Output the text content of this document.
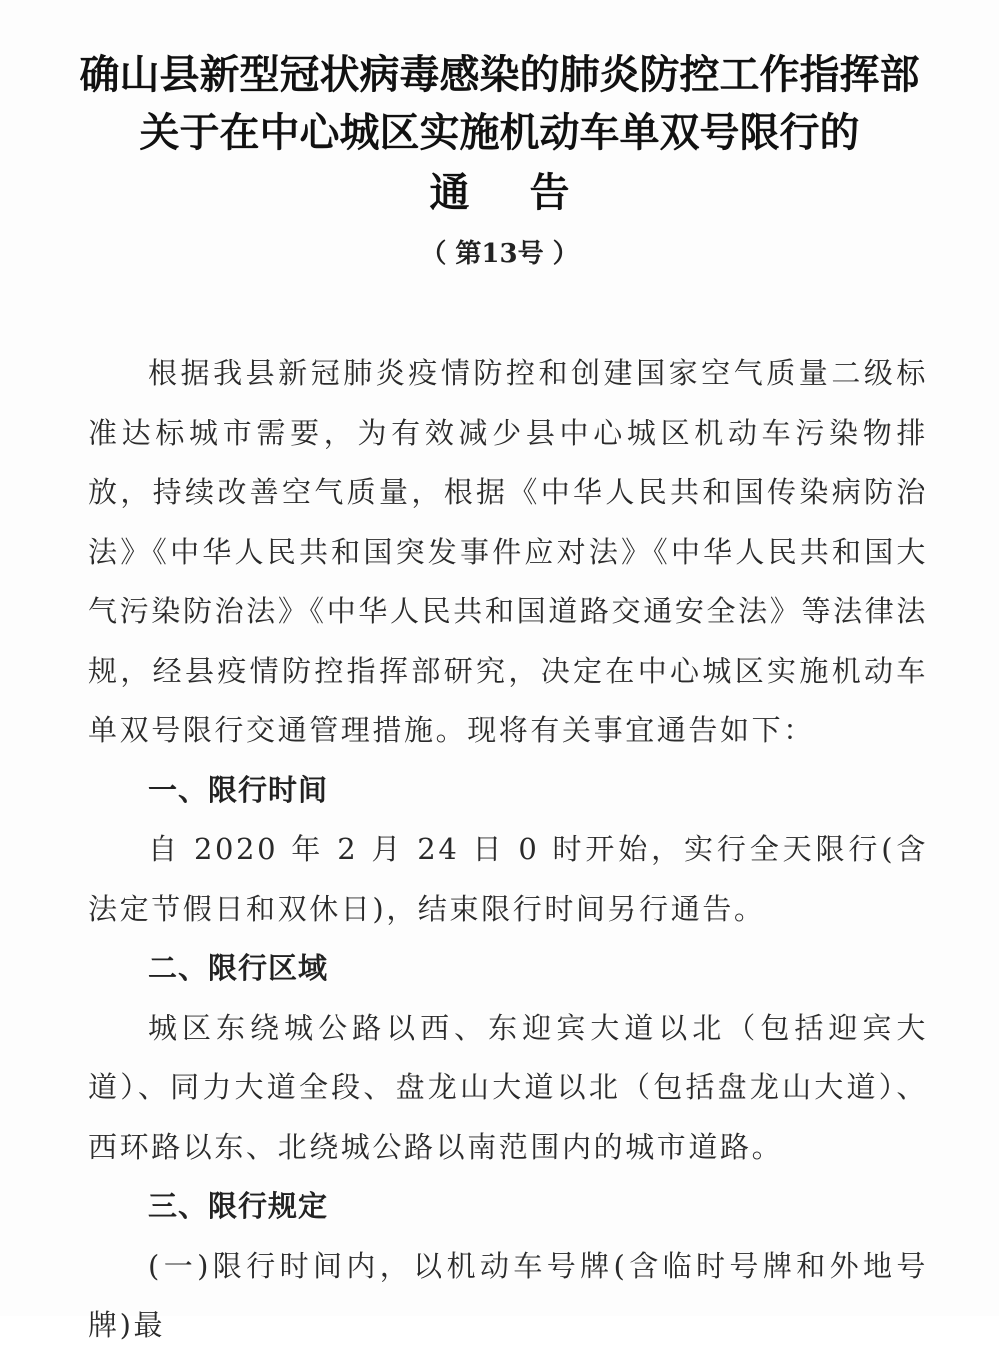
确山县新型冠状病毒感染的肺炎防控工作指挥部
关于在中心城区实施机动车单双号限行的
通告
（ 第13号 ）

根据我县新冠肺炎疫情防控和创建国家空气质量二级标准达标城市需要，为有效减少县中心城区机动车污染物排放，持续改善空气质量，根据《中华人民共和国传染病防治法》《中华人民共和国突发事件应对法》《中华人民共和国大气污染防治法》《中华人民共和国道路交通安全法》等法律法规，经县疫情防控指挥部研究，决定在中心城区实施机动车单双号限行交通管理措施。现将有关事宜通告如下：

一、限行时间

自 2020 年 2 月 24 日 0 时开始，实行全天限行(含法定节假日和双休日)，结束限行时间另行通告。

二、限行区域

城区东绕城公路以西、东迎宾大道以北（包括迎宾大道）、同力大道全段、盘龙山大道以北（包括盘龙山大道）、西环路以东、北绕城公路以南范围内的城市道路。

三、限行规定

(一)限行时间内，以机动车号牌(含临时号牌和外地号牌)最
